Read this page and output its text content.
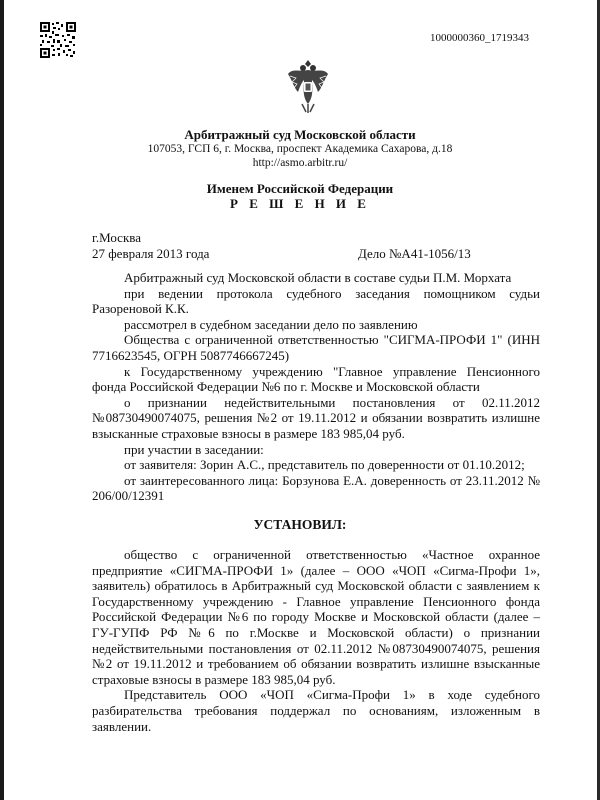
1000000360_1719343
Арбитражный суд Московской области
107053, ГСП 6, г. Москва, проспект Академика Сахарова, д.18
http://asmo.arbitr.ru/
Именем Российской Федерации
Р Е Ш Е Н И Е
г.Москва
27 февраля 2013 года	Дело №А41-1056/13

Арбитражный суд Московской области в составе судьи П.М. Морхата

при ведении протокола судебного заседания помощником судьи Разореновой К.К.

рассмотрел в судебном заседании дело по заявлению

Общества с ограниченной ответственностью "СИГМА-ПРОФИ 1" (ИНН 7716623545, ОГРН 5087746667245)

к Государственному учреждению "Главное управление Пенсионного фонда Российской Федерации №6 по г. Москве и Московской области

о признании недействительными постановления от 02.11.2012 №08730490074075, решения №2 от 19.11.2012 и обязании возвратить излишне взысканные страховые взносы в размере 183 985,04 руб.

при участии в заседании:

от заявителя: Зорин А.С., представитель по доверенности от 01.10.2012;

от заинтересованного лица: Борзунова Е.А. доверенность от 23.11.2012 № 206/00/12391

общество с ограниченной ответственностью «Частное охранное предприятие «СИГМА-ПРОФИ 1» (далее – ООО «ЧОП «Сигма-Профи 1», заявитель) обратилось в Арбитражный суд Московской области с заявлением к Государственному учреждению - Главное управление Пенсионного фонда Российской Федерации №6 по городу Москве и Московской области (далее – ГУ-ГУПФ РФ №6 по г.Москве и Московской области) о признании недействительными постановления от 02.11.2012 №08730490074075, решения №2 от 19.11.2012 и требованием об обязании возвратить излишне взысканные страховые взносы в размере 183 985,04 руб.

Представитель ООО «ЧОП «Сигма-Профи 1» в ходе судебного разбирательства требования поддержал по основаниям, изложенным в заявлении.

УСТАНОВИЛ:
